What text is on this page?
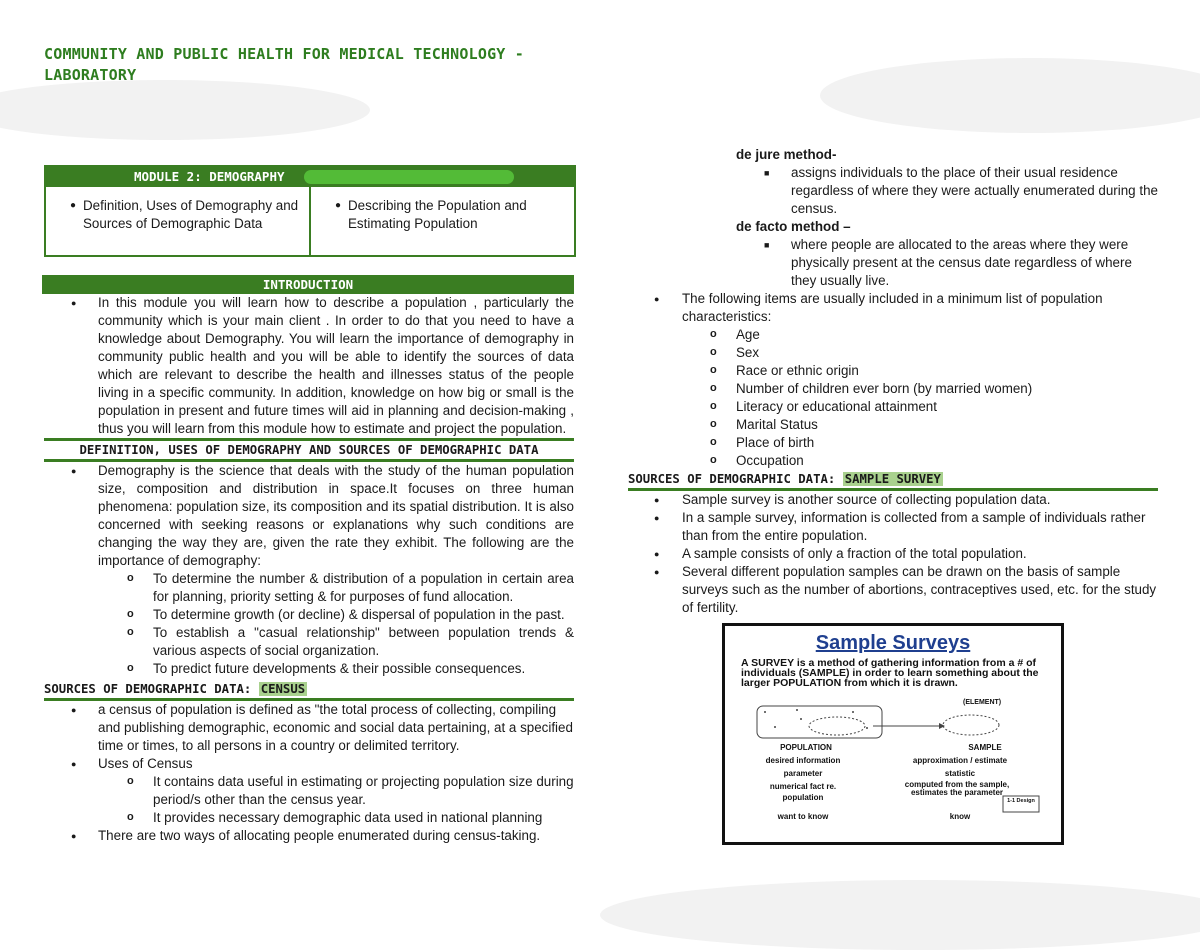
COMMUNITY AND PUBLIC HEALTH FOR MEDICAL TECHNOLOGY - LABORATORY
MODULE 2: DEMOGRAPHY
● Definition, Uses of Demography and Sources of Demographic Data
● Describing the Population and Estimating Population
INTRODUCTION
● In this module you will learn how to describe a population , particularly the community which is your main client . In order to do that you need to have a knowledge about Demography. You will learn the importance of demography in community public health and you will be able to identify the sources of data which are relevant to describe the health and illnesses status of the people living in a specific community. In addition, knowledge on how big or small is the population in present and future times will aid in planning and decision-making , thus you will learn from this module how to estimate and project the population.
DEFINITION, USES OF DEMOGRAPHY AND SOURCES OF DEMOGRAPHIC DATA
● Demography is the science that deals with the study of the human population size, composition and distribution in space.It focuses on three human phenomena: population size, its composition and its spatial distribution. It is also concerned with seeking reasons or explanations why such conditions are changing the way they are, given the rate they exhibit. The following are the importance of demography:
o To determine the number & distribution of a population in certain area for planning, priority setting & for purposes of fund allocation.
o To determine growth (or decline) & dispersal of population in the past.
o To establish a "casual relationship" between population trends & various aspects of social organization.
o To predict future developments & their possible consequences.
SOURCES OF DEMOGRAPHIC DATA: CENSUS
● a census of population is defined as "the total process of collecting, compiling and publishing demographic, economic and social data pertaining, at a specified time or times, to all persons in a country or delimited territory.
● Uses of Census
o It contains data useful in estimating or projecting population size during period/s other than the census year.
o It provides necessary demographic data used in national planning
● There are two ways of allocating people enumerated during census-taking.
de jure method-
■ assigns individuals to the place of their usual residence regardless of where they were actually enumerated during the census.
de facto method –
■ where people are allocated to the areas where they were physically present at the census date regardless of where they usually live.
● The following items are usually included in a minimum list of population characteristics:
o Age
o Sex
o Race or ethnic origin
o Number of children ever born (by married women)
o Literacy or educational attainment
o Marital Status
o Place of birth
o Occupation
SOURCES OF DEMOGRAPHIC DATA: SAMPLE SURVEY
● Sample survey is another source of collecting population data.
● In a sample survey, information is collected from a sample of individuals rather than from the entire population.
● A sample consists of only a fraction of the total population.
● Several different population samples can be drawn on the basis of sample surveys such as the number of abortions, contraceptives used, etc. for the study of fertility.
Sample Surveys
A SURVEY is a method of gathering information from a # of individuals (SAMPLE) in order to learn something about the larger POPULATION from which it is drawn.
(ELEMENT)
POPULATION	SAMPLE
desired information
parameter
numerical fact re. population
want to know
approximation / estimate
statistic
computed from the sample, estimates the parameter
know
1-1 Design
